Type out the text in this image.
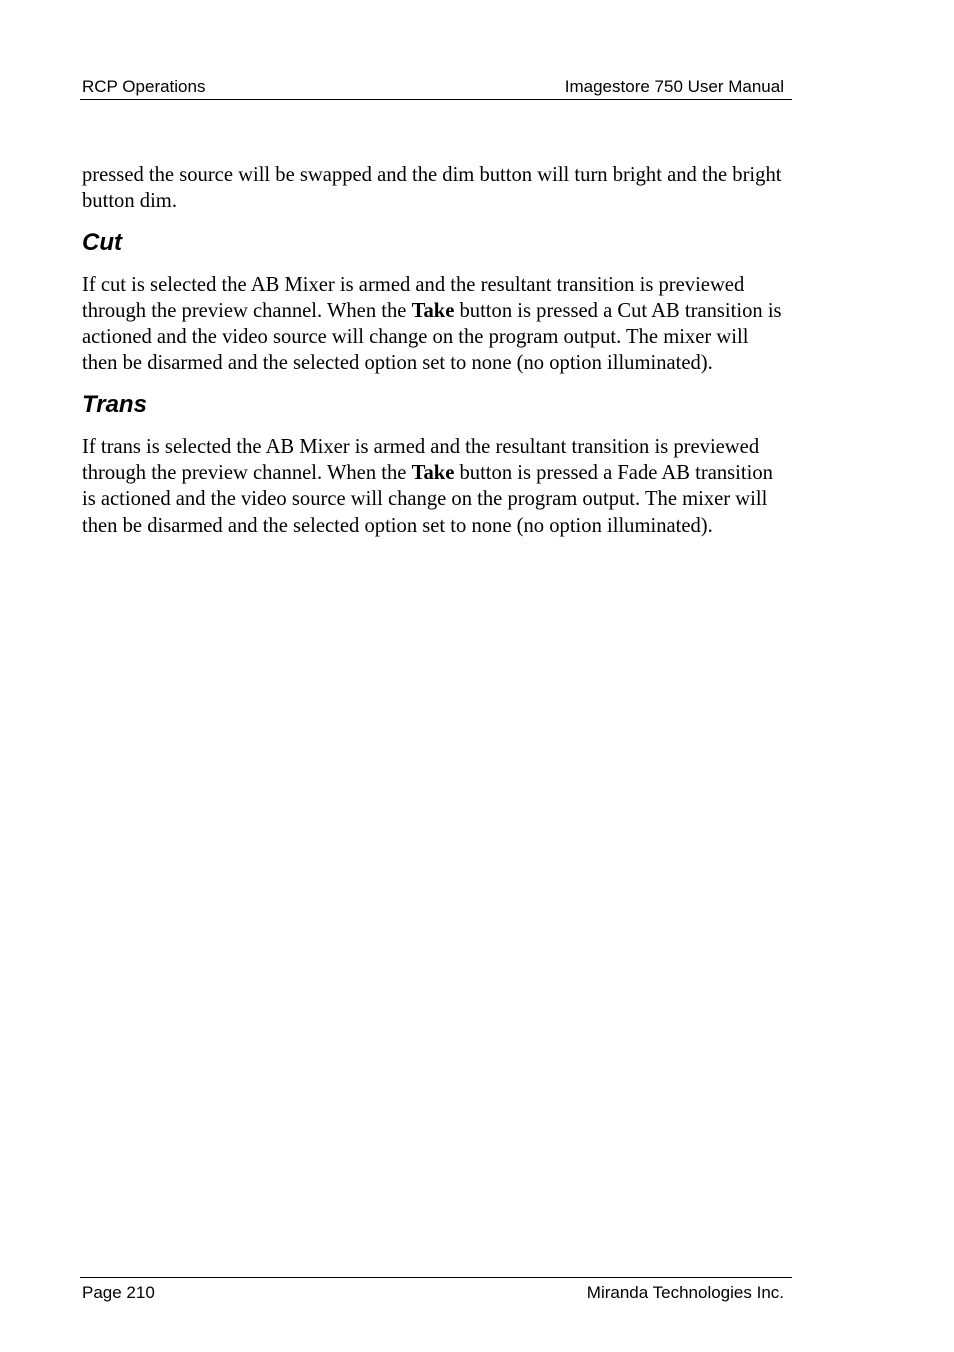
RCP Operations	Imagestore 750 User Manual

pressed the source will be swapped and the dim button will turn bright and the bright button dim.

Cut

If cut is selected the AB Mixer is armed and the resultant transition is previewed through the preview channel. When the Take button is pressed a Cut AB transition is actioned and the video source will change on the program output. The mixer will then be disarmed and the selected option set to none (no option illuminated).

Trans

If trans is selected the AB Mixer is armed and the resultant transition is previewed through the preview channel. When the Take button is pressed a Fade AB transition is actioned and the video source will change on the program output. The mixer will then be disarmed and the selected option set to none (no option illuminated).

Page 210	Miranda Technologies Inc.
